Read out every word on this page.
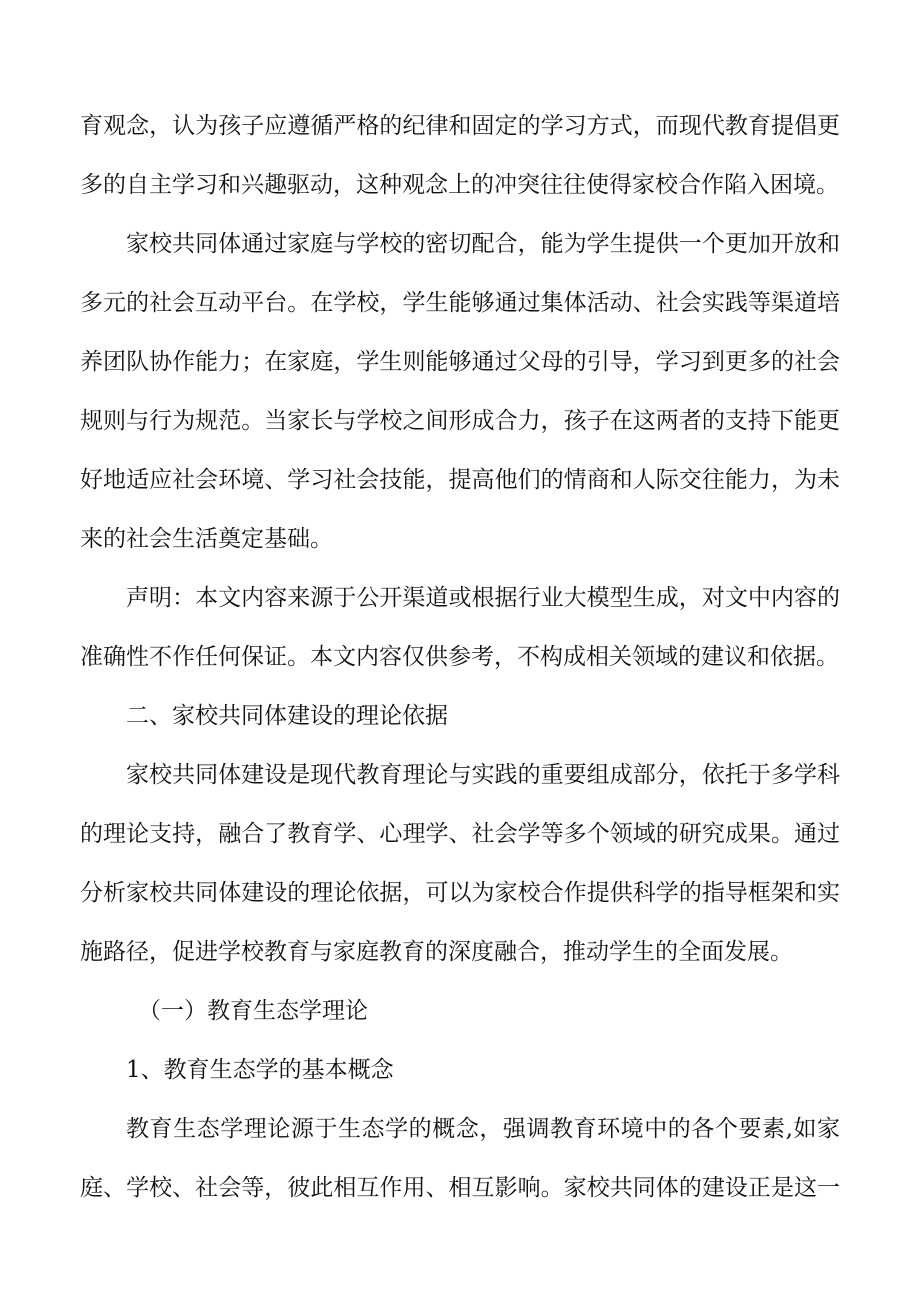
育观念，认为孩子应遵循严格的纪律和固定的学习方式，而现代教育提倡更
多的自主学习和兴趣驱动，这种观念上的冲突往往使得家校合作陷入困境。
家校共同体通过家庭与学校的密切配合，能为学生提供一个更加开放和
多元的社会互动平台。在学校，学生能够通过集体活动、社会实践等渠道培
养团队协作能力；在家庭，学生则能够通过父母的引导，学习到更多的社会
规则与行为规范。当家长与学校之间形成合力，孩子在这两者的支持下能更
好地适应社会环境、学习社会技能，提高他们的情商和人际交往能力，为未
来的社会生活奠定基础。
声明：本文内容来源于公开渠道或根据行业大模型生成，对文中内容的
准确性不作任何保证。本文内容仅供参考，不构成相关领域的建议和依据。
二、家校共同体建设的理论依据
家校共同体建设是现代教育理论与实践的重要组成部分，依托于多学科
的理论支持，融合了教育学、心理学、社会学等多个领域的研究成果。通过
分析家校共同体建设的理论依据，可以为家校合作提供科学的指导框架和实
施路径，促进学校教育与家庭教育的深度融合，推动学生的全面发展。
（一）教育生态学理论
1、教育生态学的基本概念
教育生态学理论源于生态学的概念，强调教育环境中的各个要素,如家
庭、学校、社会等，彼此相互作用、相互影响。家校共同体的建设正是这一
